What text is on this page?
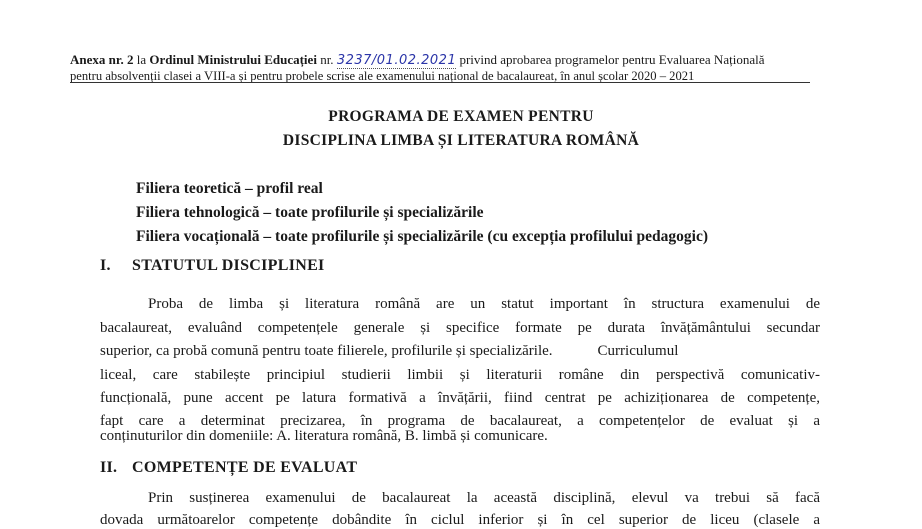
Anexa nr. 2 la Ordinul Ministrului Educației nr. 3237/01.02.2021 privind aprobarea programelor pentru Evaluarea Națională
pentru absolvenții clasei a VIII-a și pentru probele scrise ale examenului național de bacalaureat, în anul școlar 2020 – 2021
PROGRAMA DE EXAMEN PENTRU
DISCIPLINA LIMBA ȘI LITERATURA ROMÂNĂ
Filiera teoretică – profil real
Filiera tehnologică – toate profilurile și specializările
Filiera vocațională – toate profilurile și specializările (cu excepția profilului pedagogic)
I. STATUTUL DISCIPLINEI
Proba de limba și literatura română are un statut important în structura examenului de
bacalaureat, evaluând competențele generale și specifice formate pe durata învățământului secundar
superior, ca probă comună pentru toate filierele, profilurile și specializările.            Curriculumul
liceal, care stabilește principiul studierii limbii și literaturii române din perspectivă comunicativ-
funcțională, pune accent pe latura formativă a învățării, fiind centrat pe achiziționarea de competențe,
fapt care a determinat precizarea, în programa de bacalaureat, a competențelor de evaluat și a
conținuturilor din domeniile: A. literatura română, B. limbă și comunicare.
II. COMPETENȚE DE EVALUAT
Prin susținerea examenului de bacalaureat la această disciplină, elevul va trebui să facă
dovada următoarelor competențe dobândite în ciclul inferior și în cel superior de liceu (clasele a
